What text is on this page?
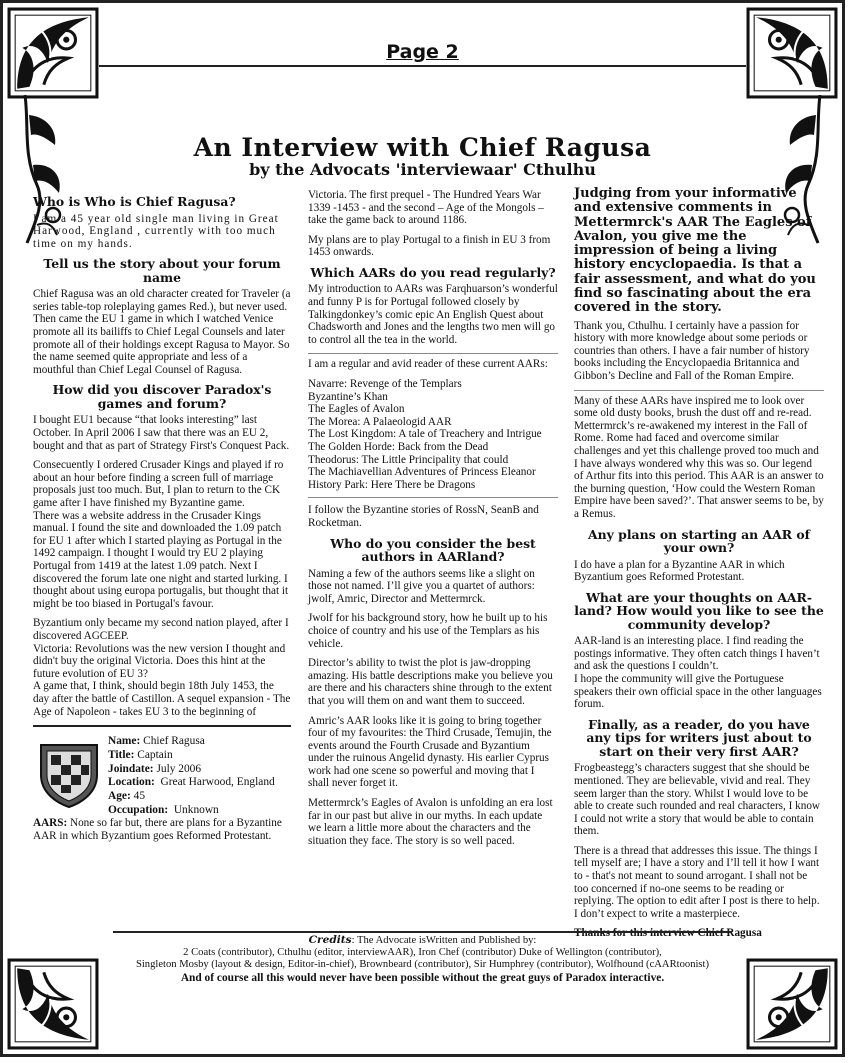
Page 2
An Interview with Chief Ragusa
by the Advocats 'interviewaar' Cthulhu
Who is Who is Chief Ragusa?

I am a 45 year old single man living in Great Harwood, England , currently with too much time on my hands.

Tell us the story about your forum name

Chief Ragusa was an old character created for Traveler (a series table-top roleplaying games Red.), but never used. Then came the EU 1 game in which I watched Venice promote all its bailiffs to Chief Legal Counsels and later promote all of their holdings except Ragusa to Mayor. So the name seemed quite appropriate and less of a mouthful than Chief Legal Counsel of Ragusa.

How did you discover Paradox's games and forum?

I bought EU1 because “that looks interesting” last October. In April 2006 I saw that there was an EU 2, bought and that as part of Strategy First's Conquest Pack.

Consecuently I ordered Crusader Kings and played if ro about an hour before finding a screen full of marriage proposals just too much. But, I plan to return to the CK game after I have finished my Byzantine game.

There was a website address in the Crusader Kings manual. I found the site and downloaded the 1.09 patch for EU 1 after which I started playing as Portugal in the 1492 campaign. I thought I would try EU 2 playing Portugal from 1419 at the latest 1.09 patch. Next I discovered the forum late one night and started lurking. I thought about using europa portugalis, but thought that it might be too biased in Portugal's favour.

Byzantium only became my second nation played, after I discovered AGCEEP.

Victoria: Revolutions was the new version I thought and didn't buy the original Victoria. Does this hint at the future evolution of EU 3?

A game that, I think, should begin 18th July 1453, the day after the battle of Castillon. A sequel expansion - The Age of Napoleon - takes EU 3 to the beginning of

Name: Chief Ragusa
Title: Captain
Joindate: July 2006
Location: Great Harwood, England
Age: 45
Occupation: Unknown

AARS: None so far but, there are plans for a Byzantine AAR in which Byzantium goes Reformed Protestant.

Victoria. The first prequel - The Hundred Years War 1339 -1453 - and the second – Age of the Mongols – take the game back to around 1186.

My plans are to play Portugal to a finish in EU 3 from 1453 onwards.

Which AARs do you read regularly?

My introduction to AARs was Farqhuarson’s wonderful and funny P is for Portugal followed closely by Talkingdonkey’s comic epic An English Quest about Chadsworth and Jones and the lengths two men will go to control all the tea in the world.

I am a regular and avid reader of these current AARs:

Navarre: Revenge of the Templars

Byzantine’s Khan

The Eagles of Avalon

The Morea: A Palaeologid AAR

The Lost Kingdom: A tale of Treachery and Intrigue

The Golden Horde: Back from the Dead

Theodorus: The Little Principality that could

The Machiavellian Adventures of Princess Eleanor

History Park: Here There be Dragons

I follow the Byzantine stories of RossN, SeanB and Rocketman.

Who do you consider the best authors in AARland?

Naming a few of the authors seems like a slight on those not named. I’ll give you a quartet of authors: jwolf, Amric, Director and Mettermrck.

Jwolf for his background story, how he built up to his choice of country and his use of the Templars as his vehicle.

Director’s ability to twist the plot is jaw-dropping amazing. His battle descriptions make you believe you are there and his characters shine through to the extent that you will them on and want them to succeed.

Amric’s AAR looks like it is going to bring together four of my favourites: the Third Crusade, Temujin, the events around the Fourth Crusade and Byzantium under the ruinous Angelid dynasty. His earlier Cyprus work had one scene so powerful and moving that I shall never forget it.

Mettermrck’s Eagles of Avalon is unfolding an era lost far in our past but alive in our myths. In each update we learn a little more about the characters and the situation they face. The story is so well paced.

Judging from your informative and extensive comments in Mettermrck's AAR The Eagles of Avalon, you give me the impression of being a living history encyclopaedia. Is that a fair assessment, and what do you find so fascinating about the era covered in the story.

Thank you, Cthulhu. I certainly have a passion for history with more knowledge about some periods or countries than others. I have a fair number of history books including the Encyclopaedia Britannica and Gibbon’s Decline and Fall of the Roman Empire.

Many of these AARs have inspired me to look over some old dusty books, brush the dust off and re-read. Mettermrck’s re-awakened my interest in the Fall of Rome. Rome had faced and overcome similar challenges and yet this challenge proved too much and I have always wondered why this was so. Our legend of Arthur fits into this period. This AAR is an answer to the burning question, ‘How could the Western Roman Empire have been saved?’. That answer seems to be, by a Remus.

Any plans on starting an AAR of your own?

I do have a plan for a Byzantine AAR in which Byzantium goes Reformed Protestant.

What are your thoughts on AAR-land? How would you like to see the community develop?

AAR-land is an interesting place. I find reading the postings informative. They often catch things I haven’t and ask the questions I couldn’t.

I hope the community will give the Portuguese speakers their own official space in the other languages forum.

Finally, as a reader, do you have any tips for writers just about to start on their very first AAR?

Frogbeastegg’s characters suggest that she should be mentioned. They are believable, vivid and real. They seem larger than the story. Whilst I would love to be able to create such rounded and real characters, I know I could not write a story that would be able to contain them.

There is a thread that addresses this issue. The things I tell myself are; I have a story and I’ll tell it how I want to - that's not meant to sound arrogant. I shall not be too concerned if no-one seems to be reading or replying. The option to edit after I post is there to help. I don’t expect to write a masterpiece.

Thanks for this interview Chief Ragusa

Credits: The Advocate isWritten and Published by:
2 Coats (contributor), Cthulhu (editor, interviewAAR), Iron Chef (contributor) Duke of Wellington (contributor),
Singleton Mosby (layout & design, Editor-in-chief), Brownbeard (contributor), Sir Humphrey (contributor), Wolfhound (cAARtoonist)
And of course all this would never have been possible without the great guys of Paradox interactive.
